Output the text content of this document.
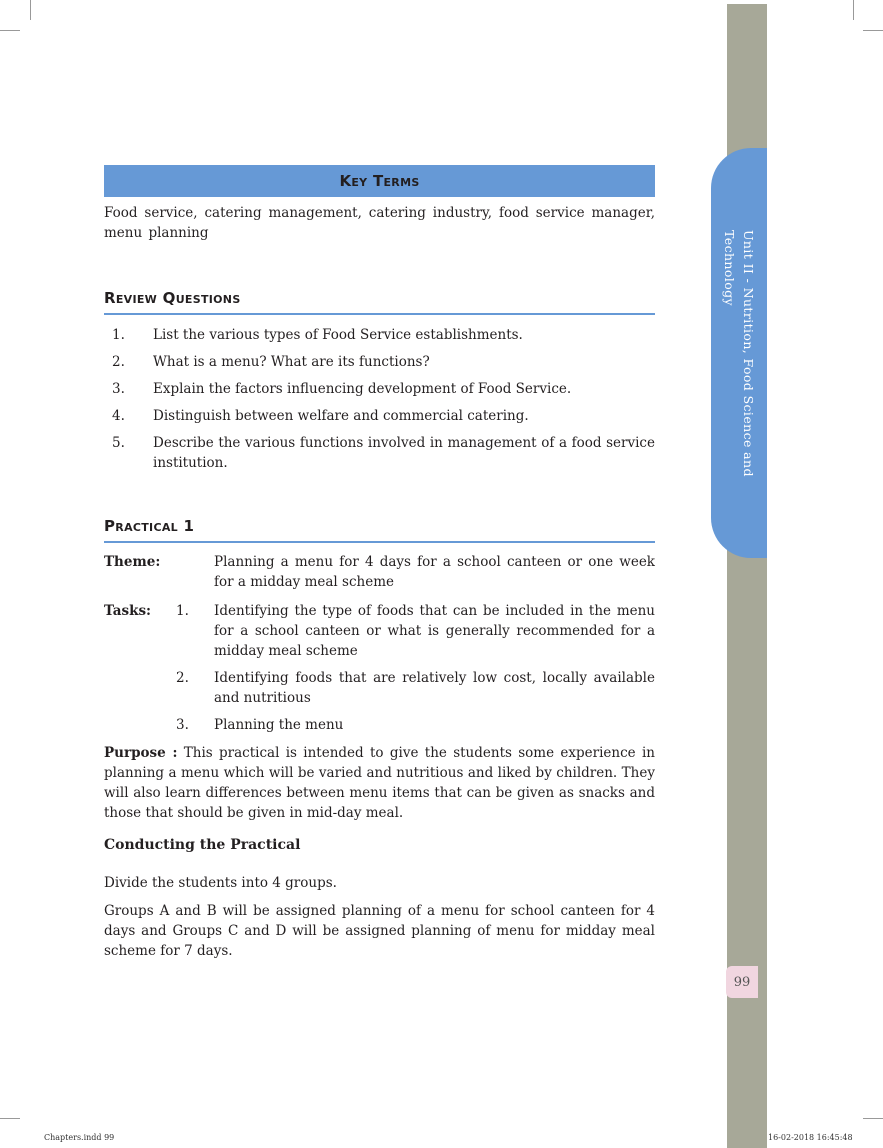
Unit II - Nutrition, Food Science and Technology
99
Key Terms
Food service, catering management, catering industry, food service manager, menu planning
Review Questions
1.	List the various types of Food Service establishments.
2.	What is a menu? What are its functions?
3.	Explain the factors influencing development of Food Service.
4.	Distinguish between welfare and commercial catering.
5.	Describe the various functions involved in management of a food service institution.
Practical 1
Theme:	Planning a menu for 4 days for a school canteen or one week for a midday meal scheme
Tasks:	1.	Identifying the type of foods that can be included in the menu for a school canteen or what is generally recommended for a midday meal scheme
2.	Identifying foods that are relatively low cost, locally available and nutritious
3.	Planning the menu
Purpose : This practical is intended to give the students some experience in planning a menu which will be varied and nutritious and liked by children. They will also learn differences between menu items that can be given as snacks and those that should be given in mid-day meal.
Conducting the Practical
Divide the students into 4 groups.
Groups A and B will be assigned planning of a menu for school canteen for 4 days and Groups C and D will be assigned planning of menu for midday meal scheme for 7 days.
Chapters.indd 99	16-02-2018 16:45:48
